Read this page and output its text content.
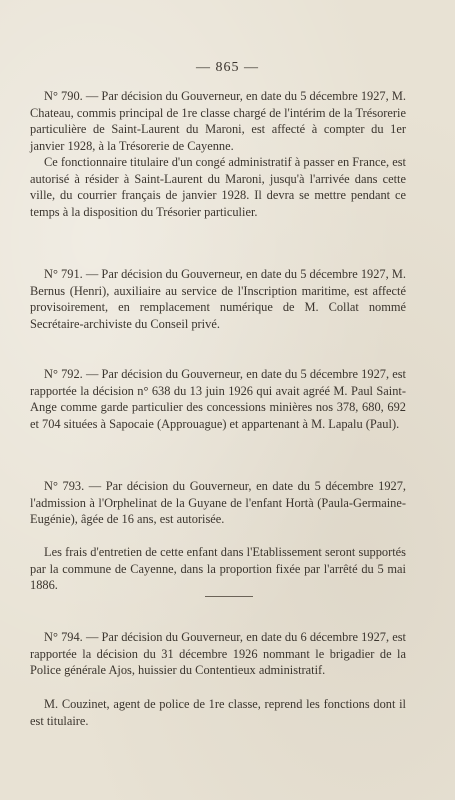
— 865 —

N° 790. — Par décision du Gouverneur, en date du 5 décembre 1927, M. Chateau, commis principal de 1re classe chargé de l'intérim de la Trésorerie particulière de Saint-Laurent du Maroni, est affecté à compter du 1er janvier 1928, à la Trésorerie de Cayenne.

Ce fonctionnaire titulaire d'un congé administratif à passer en France, est autorisé à résider à Saint-Laurent du Maroni, jusqu'à l'arrivée dans cette ville, du courrier français de janvier 1928. Il devra se mettre pendant ce temps à la disposition du Trésorier particulier.

N° 791. — Par décision du Gouverneur, en date du 5 décembre 1927, M. Bernus (Henri), auxiliaire au service de l'Inscription maritime, est affecté provisoirement, en remplacement numérique de M. Collat nommé Secrétaire-archiviste du Conseil privé.

N° 792. — Par décision du Gouverneur, en date du 5 décembre 1927, est rapportée la décision n° 638 du 13 juin 1926 qui avait agréé M. Paul Saint-Ange comme garde particulier des concessions minières nos 378, 680, 692 et 704 situées à Sapocaie (Approuague) et appartenant à M. Lapalu (Paul).

N° 793. — Par décision du Gouverneur, en date du 5 décembre 1927, l'admission à l'Orphelinat de la Guyane de l'enfant Hortà (Paula-Germaine-Eugénie), âgée de 16 ans, est autorisée.

Les frais d'entretien de cette enfant dans l'Etablissement seront supportés par la commune de Cayenne, dans la proportion fixée par l'arrêté du 5 mai 1886.

N° 794. — Par décision du Gouverneur, en date du 6 décembre 1927, est rapportée la décision du 31 décembre 1926 nommant le brigadier de la Police générale Ajos, huissier du Contentieux administratif.

M. Couzinet, agent de police de 1re classe, reprend les fonctions dont il est titulaire.
